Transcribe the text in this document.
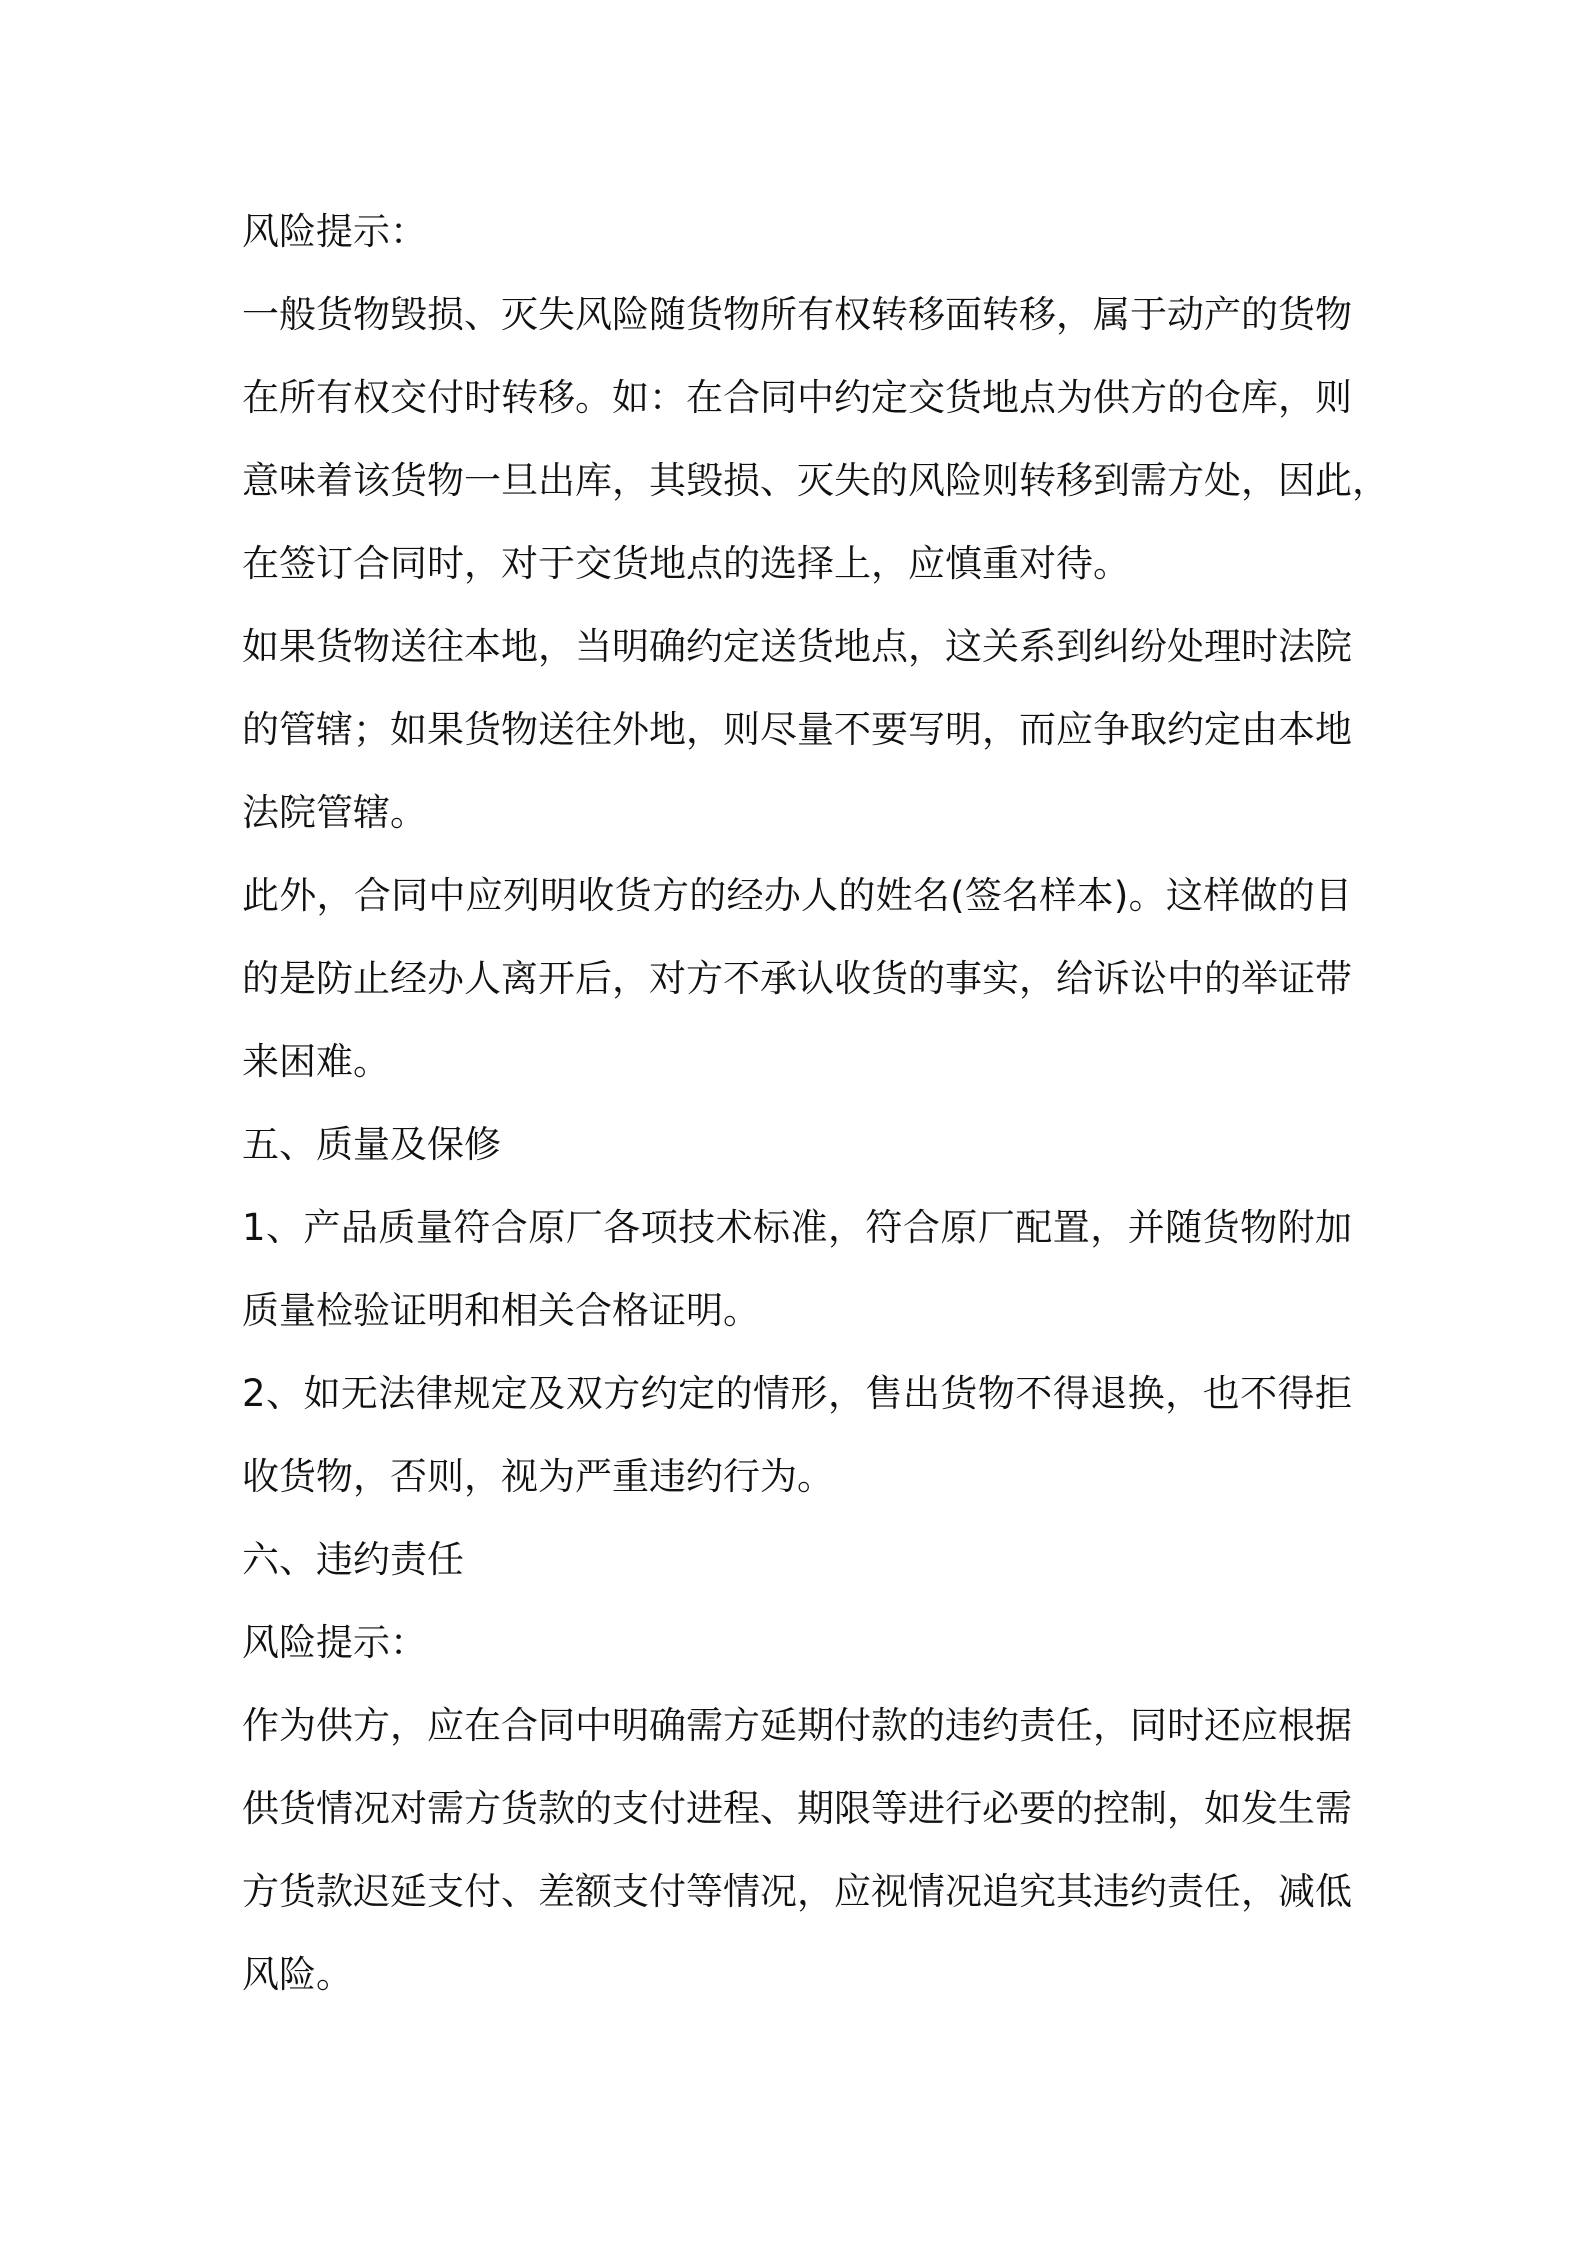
风险提示：
一般货物毁损、灭失风险随货物所有权转移面转移，属于动产的货物
在所有权交付时转移。如：在合同中约定交货地点为供方的仓库，则
意味着该货物一旦出库，其毁损、灭失的风险则转移到需方处，因此，
在签订合同时，对于交货地点的选择上，应慎重对待。
如果货物送往本地，当明确约定送货地点，这关系到纠纷处理时法院
的管辖；如果货物送往外地，则尽量不要写明，而应争取约定由本地
法院管辖。
此外，合同中应列明收货方的经办人的姓名(签名样本)。这样做的目
的是防止经办人离开后，对方不承认收货的事实，给诉讼中的举证带
来困难。
五、质量及保修
1、产品质量符合原厂各项技术标准，符合原厂配置，并随货物附加
质量检验证明和相关合格证明。
2、如无法律规定及双方约定的情形，售出货物不得退换，也不得拒
收货物，否则，视为严重违约行为。
六、违约责任
风险提示：
作为供方，应在合同中明确需方延期付款的违约责任，同时还应根据
供货情况对需方货款的支付进程、期限等进行必要的控制，如发生需
方货款迟延支付、差额支付等情况，应视情况追究其违约责任，减低
风险。
